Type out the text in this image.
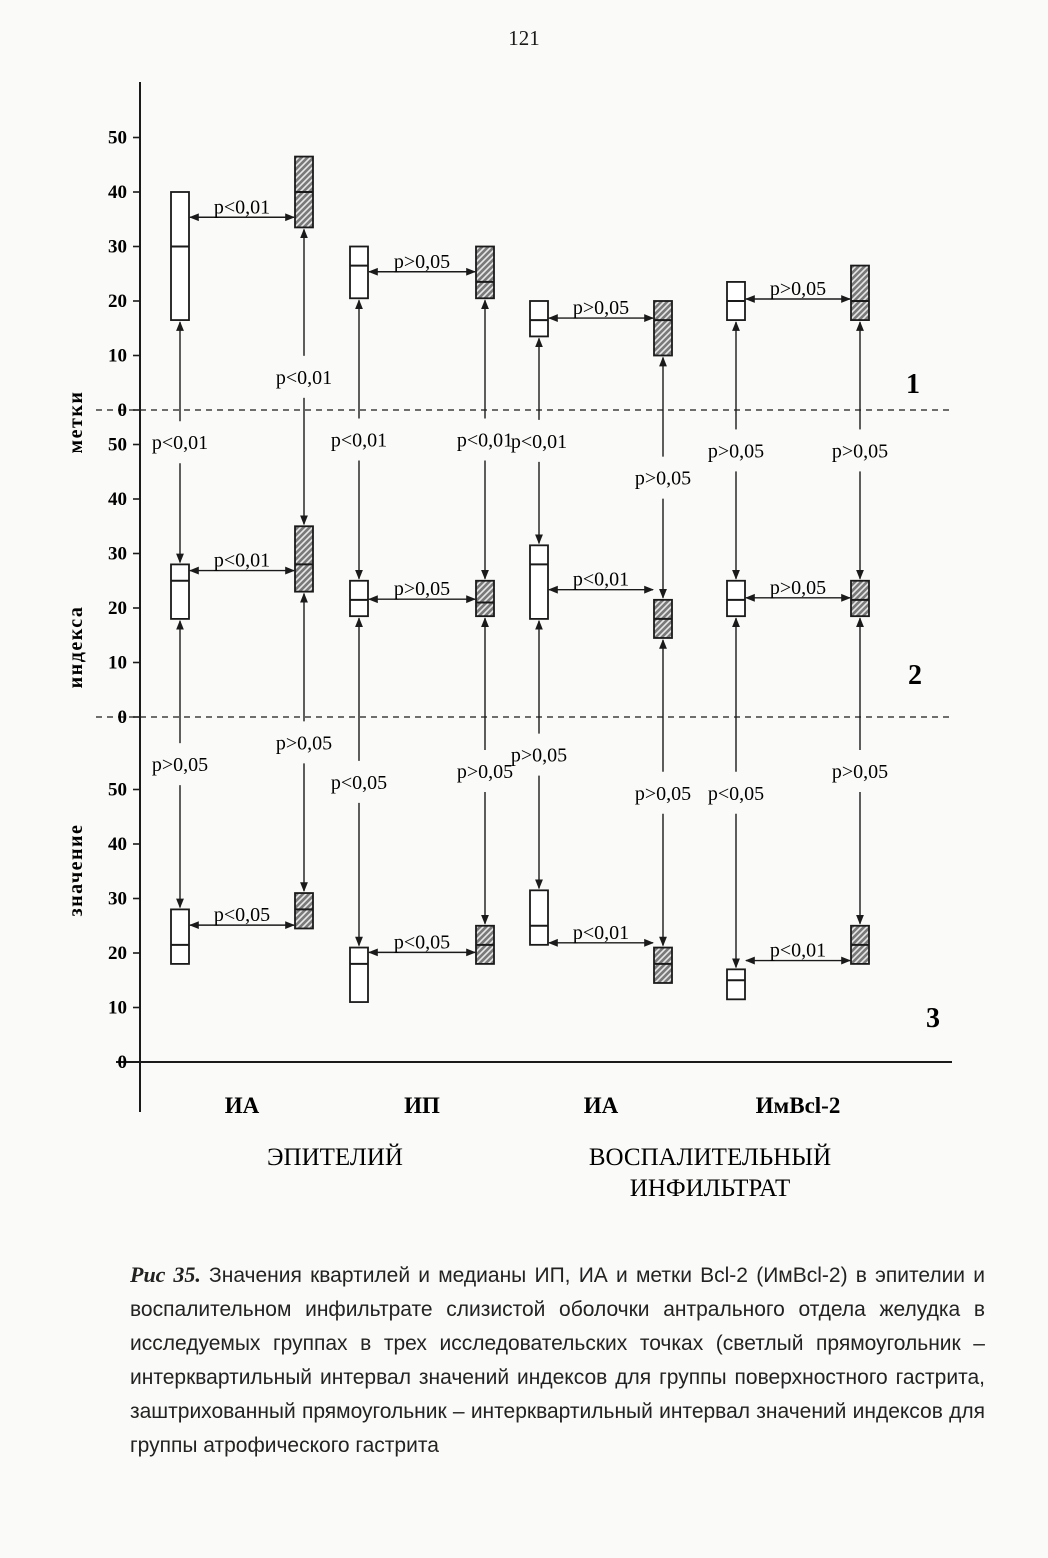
121
0
10
20
30
40
50
0
10
20
30
40
50
0
10
20
30
40
50
метки
индекса
значение
1
2
3
p<0,01
p>0,05
p>0,05
p>0,05
p<0,01
p>0,05	p<0,01	p>0,05
p<0,05
p<0,05	p<0,01
p<0,01
p<0,01
p<0,01
p<0,01	p<0,01
p<0,01
p>0,05
p>0,05	p>0,05
p>0,05
p>0,05
p<0,05	p>0,05
p>0,05
p>0,05 p<0,05
p>0,05
ИА	ИП	ИА	ИмBcl-2
ЭПИТЕЛИЙ	ВОСПАЛИТЕЛЬНЫЙ
ИНФИЛЬТРАТ
Рис 35. Значения квартилей и медианы ИП, ИА и метки Bcl-2 (ИмBcl-2) в эпителии и воспалительном инфильтрате слизистой оболочки антрального отдела желудка в исследуемых группах в трех исследовательских точках (светлый прямоугольник – интерквартильный интервал значений индексов для группы поверхностного гастрита, заштрихованный прямоугольник – интерквартильный интервал значений индексов для группы атрофического гастрита
